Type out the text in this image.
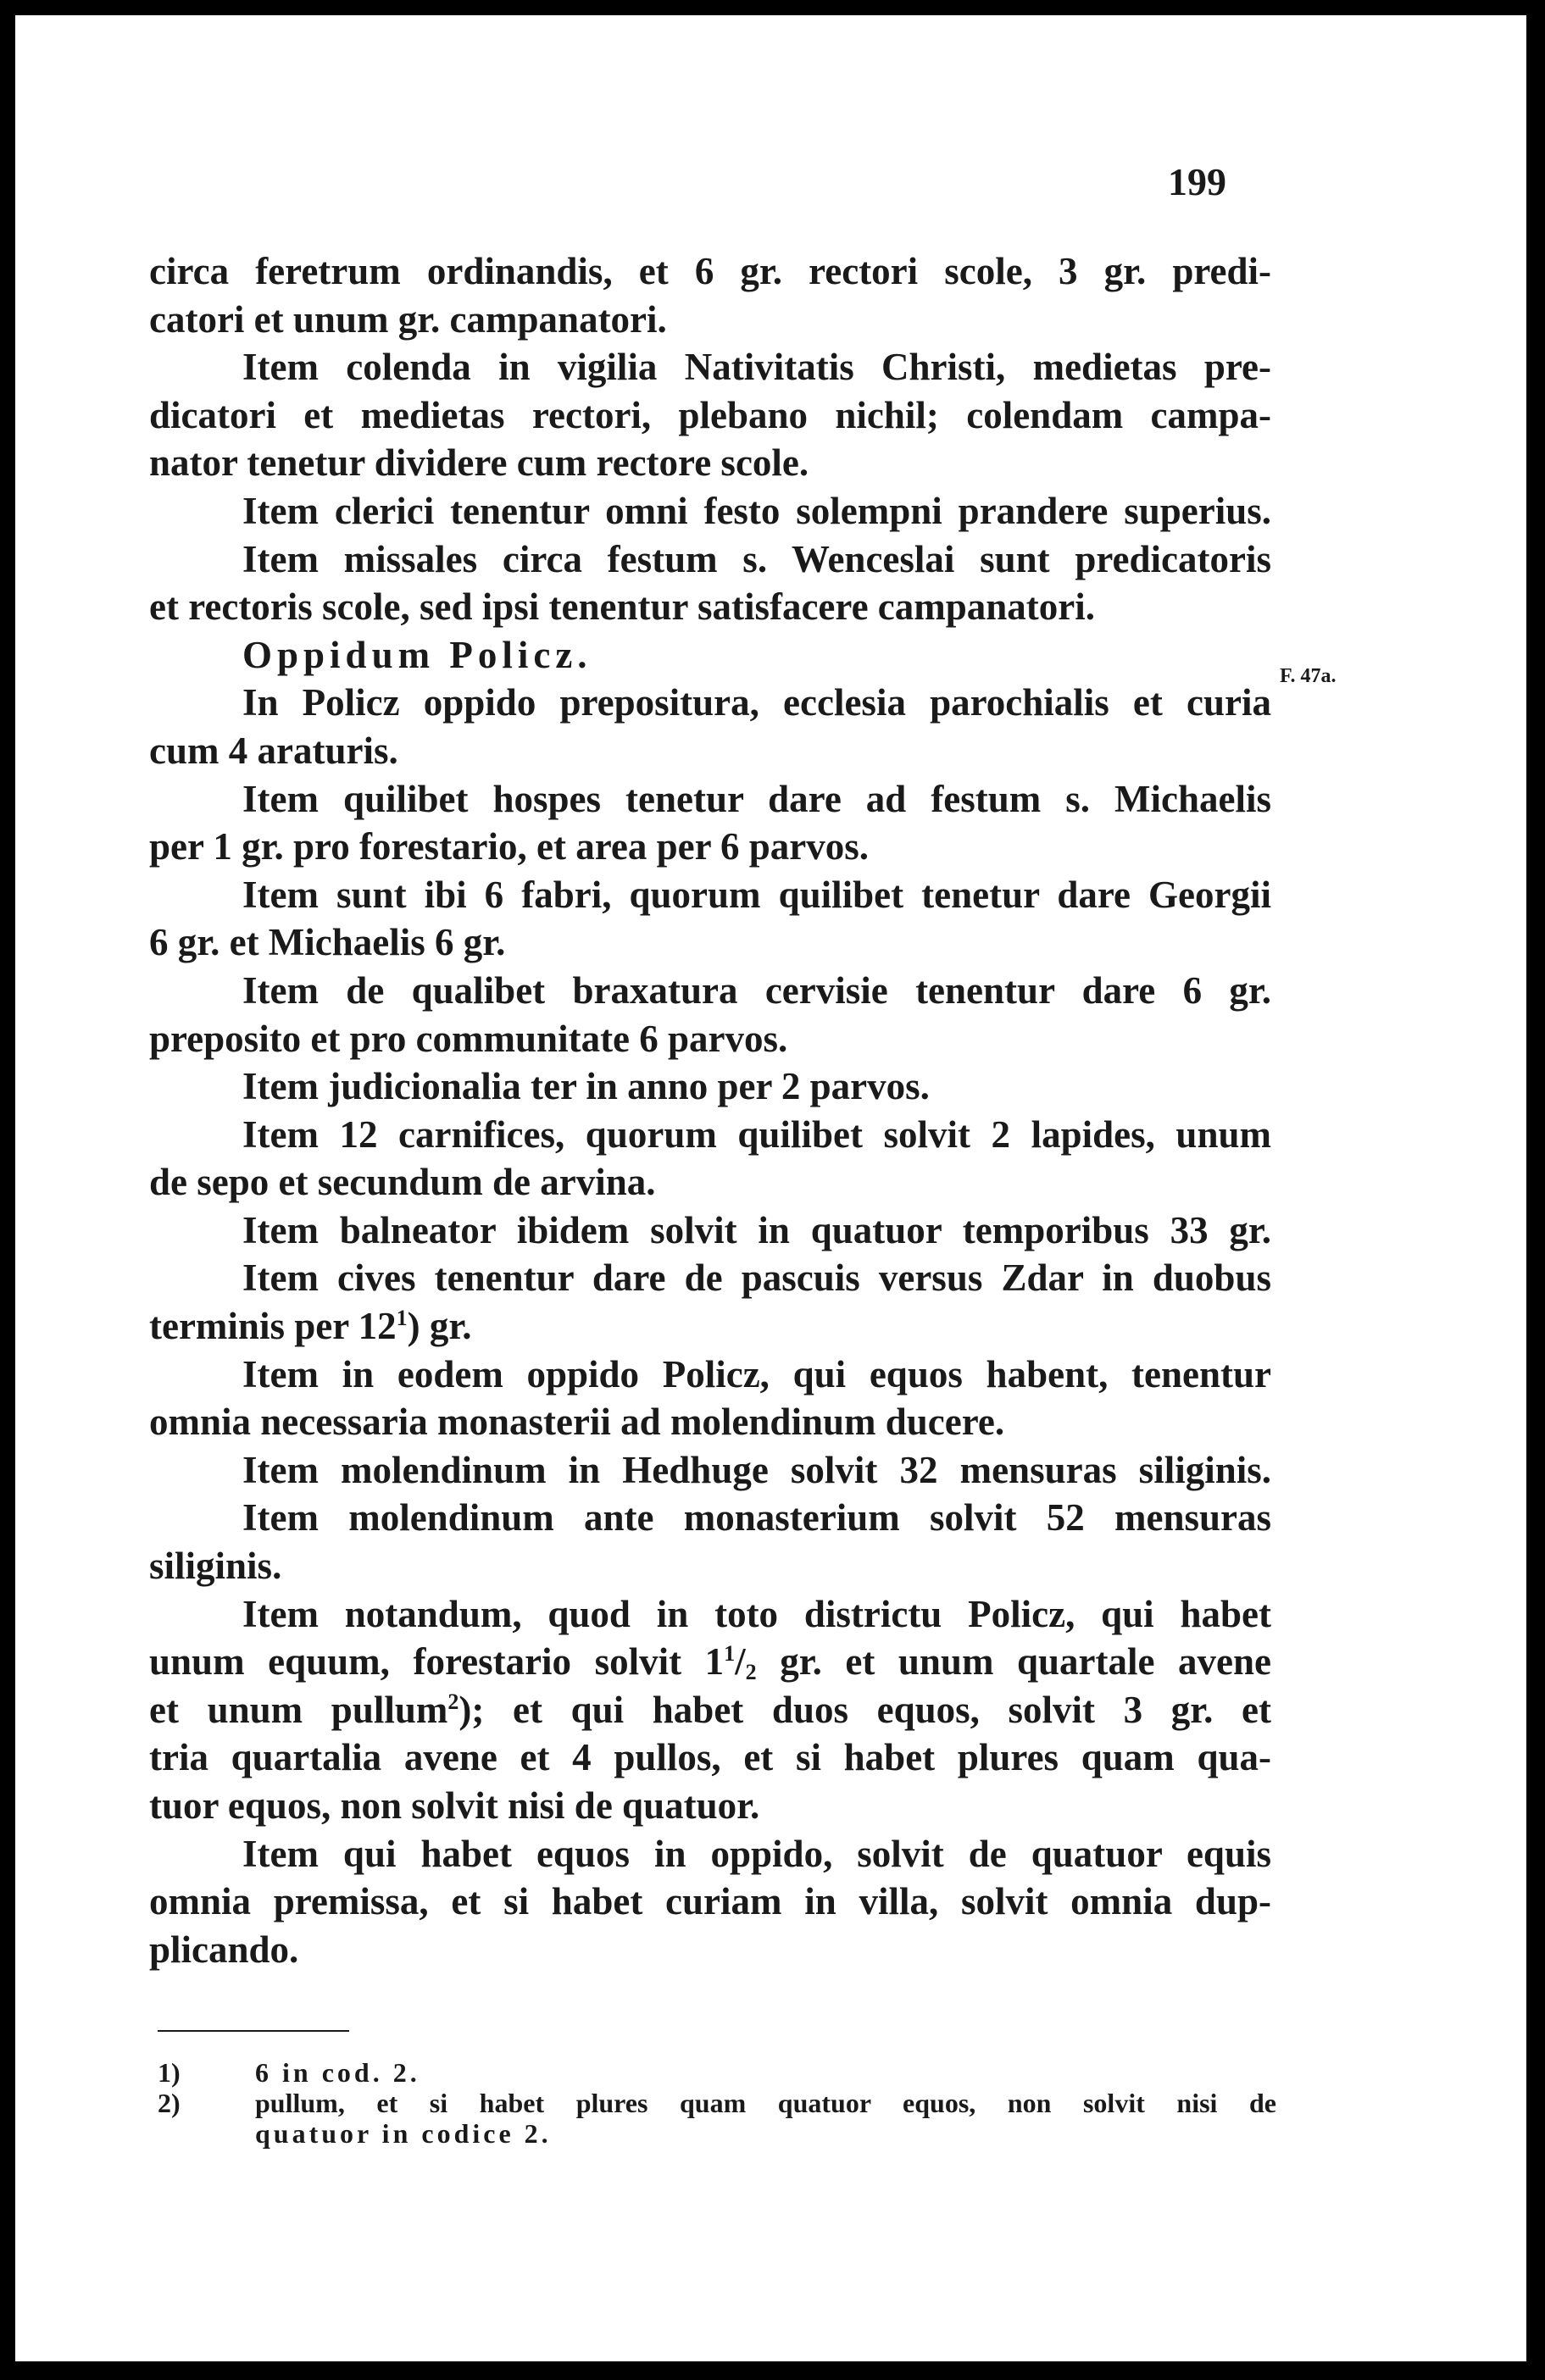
199
F. 47a.
circa feretrum ordinandis, et 6 gr. rectori scole, 3 gr. predi-
catori et unum gr. campanatori.
Item colenda in vigilia Nativitatis Christi, medietas pre-
dicatori et medietas rectori, plebano nichil; colendam campa-
nator tenetur dividere cum rectore scole.
Item clerici tenentur omni festo solempni prandere superius.
Item missales circa festum s. Wenceslai sunt predicatoris
et rectoris scole, sed ipsi tenentur satisfacere campanatori.
Oppidum Policz.
In Policz oppido prepositura, ecclesia parochialis et curia
cum 4 araturis.
Item quilibet hospes tenetur dare ad festum s. Michaelis
per 1 gr. pro forestario, et area per 6 parvos.
Item sunt ibi 6 fabri, quorum quilibet tenetur dare Georgii
6 gr. et Michaelis 6 gr.
Item de qualibet braxatura cervisie tenentur dare 6 gr.
preposito et pro communitate 6 parvos.
Item judicionalia ter in anno per 2 parvos.
Item 12 carnifices, quorum quilibet solvit 2 lapides, unum
de sepo et secundum de arvina.
Item balneator ibidem solvit in quatuor temporibus 33 gr.
Item cives tenentur dare de pascuis versus Zdar in duobus
terminis per $12^1$) gr.
Item in eodem oppido Policz, qui equos habent, tenentur
omnia necessaria monasterii ad molendinum ducere.
Item molendinum in Hedhuge solvit 32 mensuras siliginis.
Item molendinum ante monasterium solvit 52 mensuras
siliginis.
Item notandum, quod in toto districtu Policz, qui habet
unum equum, forestario solvit $1^1/_2$ gr. et unum quartale avene
et unum pullum$^2$); et qui habet duos equos, solvit 3 gr. et
tria quartalia avene et 4 pullos, et si habet plures quam qua-
tuor equos, non solvit nisi de quatuor.
Item qui habet equos in oppido, solvit de quatuor equis
omnia premissa, et si habet curiam in villa, solvit omnia dup-
plicando.
1)	6 in cod. 2.
2)	pullum, et si habet plures quam quatuor equos, non solvit nisi de
quatuor in codice 2.
